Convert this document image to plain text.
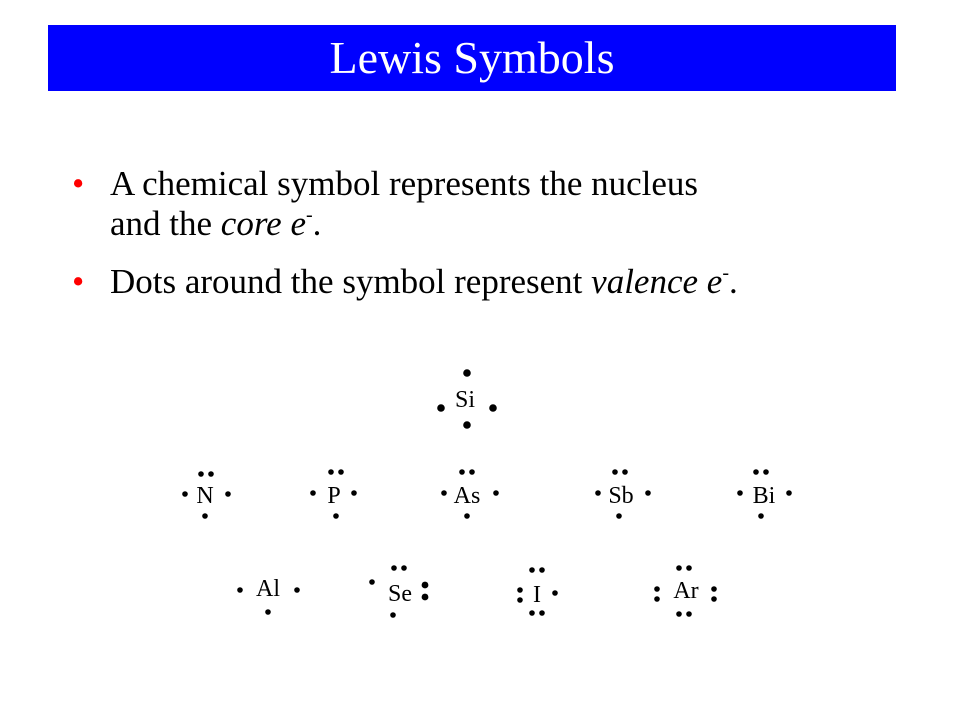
Lewis Symbols
• A chemical symbol represents the nucleus
and the core e-.
• Dots around the symbol represent valence e-.
Si
N	P	As	Sb	Bi
Al	Se	I	Ar
